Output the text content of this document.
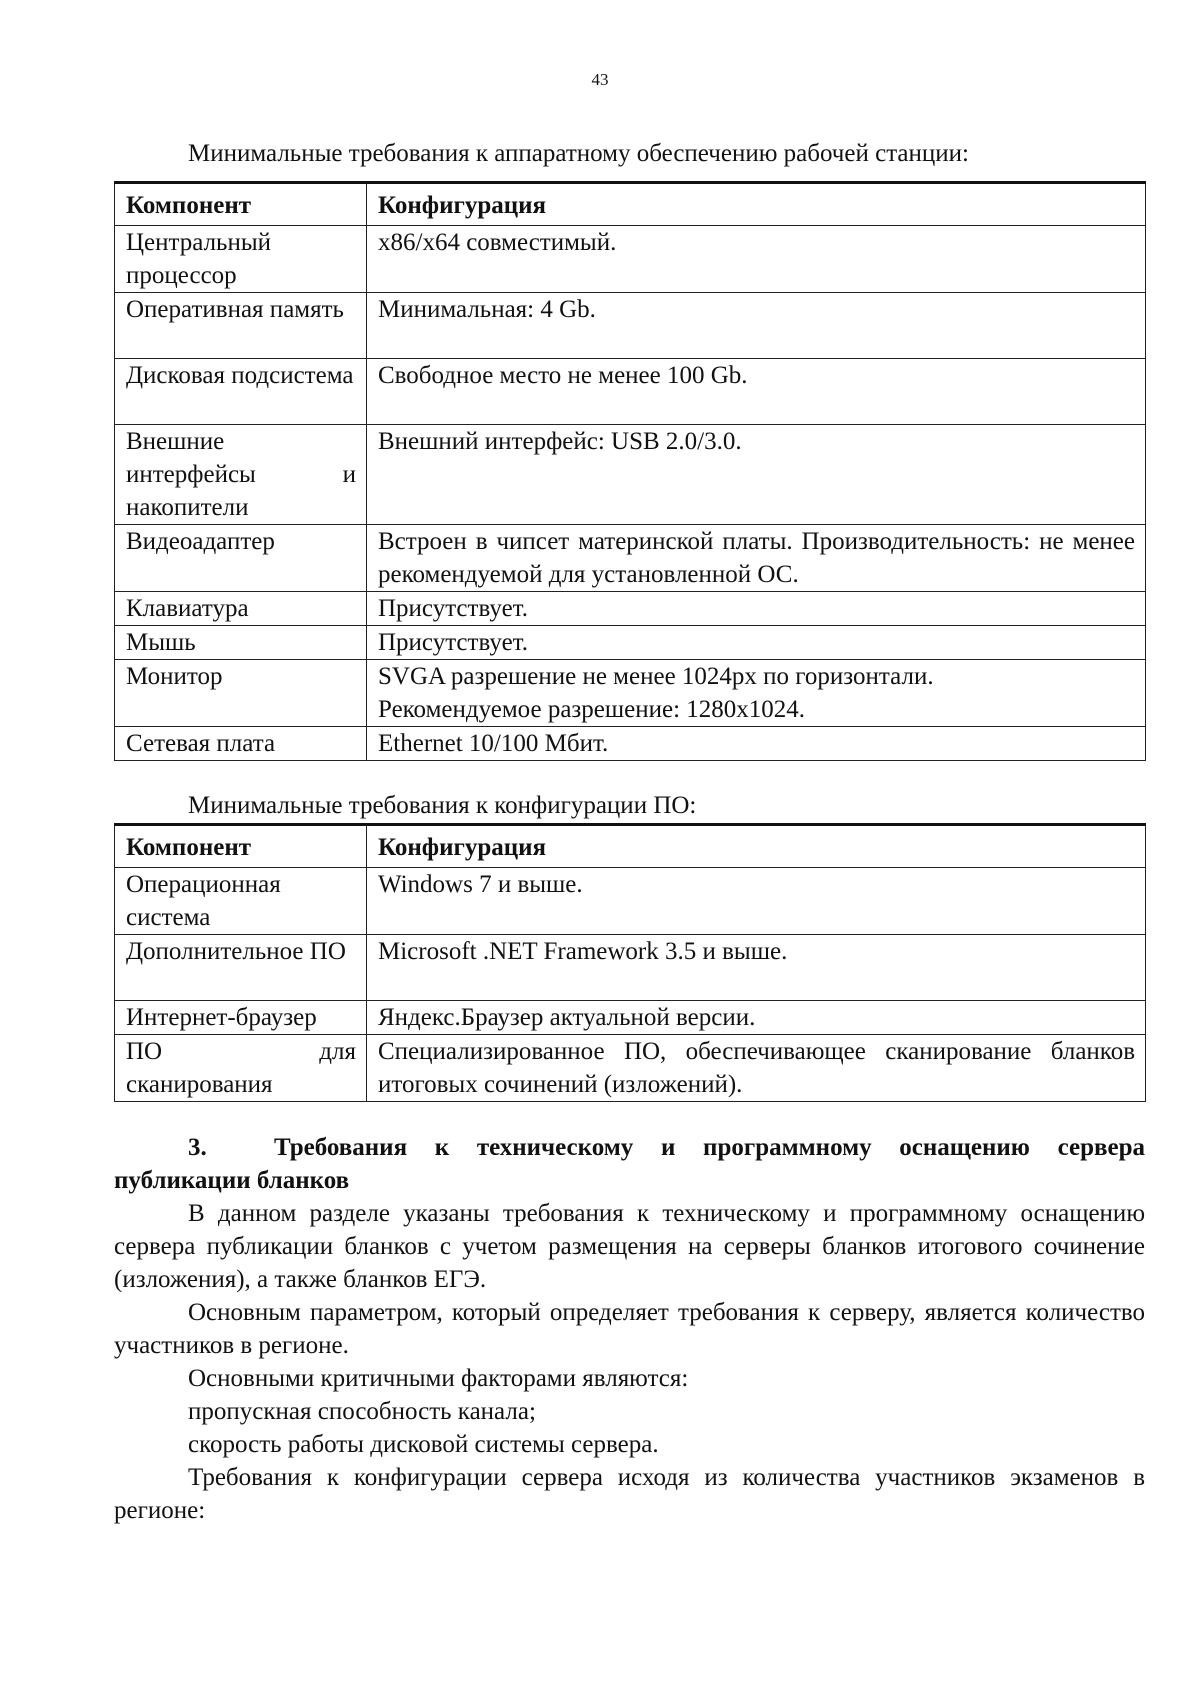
43
Минимальные требования к аппаратному обеспечению рабочей станции:
Компонент	Конфигурация

Центральный процессор	x86/x64 совместимый.

Оперативная память	Минимальная: 4 Gb.

Дисковая подсистема	Свободное место не менее 100 Gb.

Внешние интерфейсы и накопители	Внешний интерфейс: USB 2.0/3.0.

Видеоадаптер	Встроен в чипсет материнской платы. Производительность: не менее рекомендуемой для установленной ОС.

Клавиатура	Присутствует.

Мышь	Присутствует.

Монитор	SVGA разрешение не менее 1024px по горизонтали. Рекомендуемое разрешение: 1280x1024.

Сетевая плата	Ethernet 10/100 Мбит.
Минимальные требования к конфигурации ПО:
Компонент	Конфигурация

Операционная система	Windows 7 и выше.

Дополнительное ПО	Microsoft .NET Framework 3.5 и выше.

Интернет-браузер	Яндекс.Браузер актуальной версии.

ПО для сканирования	Специализированное ПО, обеспечивающее сканирование бланков итоговых сочинений (изложений).
3.	Требования к техническому и программному оснащению сервера публикации бланков

В данном разделе указаны требования к техническому и программному оснащению сервера публикации бланков с учетом размещения на серверы бланков итогового сочинение (изложения), а также бланков ЕГЭ.

Основным параметром, который определяет требования к серверу, является количество участников в регионе.

Основными критичными факторами являются:

пропускная способность канала;

скорость работы дисковой системы сервера.

Требования к конфигурации сервера исходя из количества участников экзаменов в регионе:
